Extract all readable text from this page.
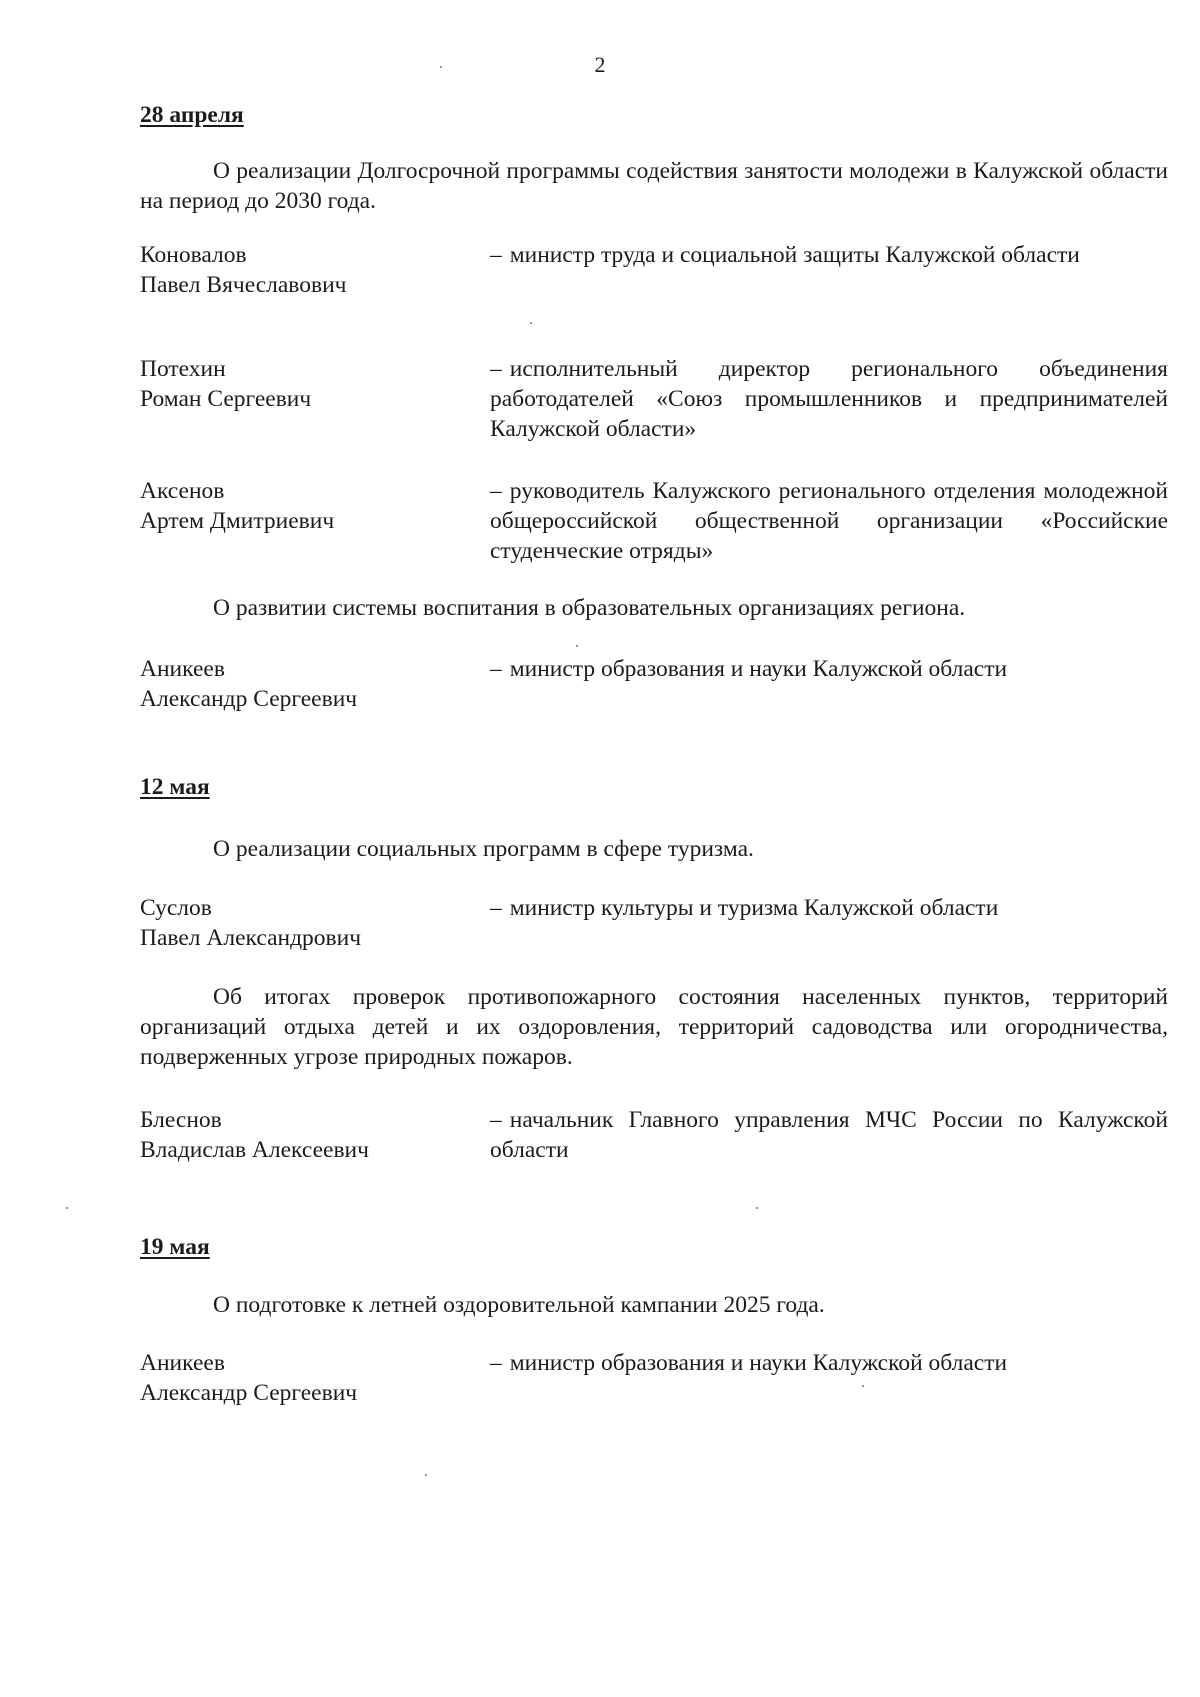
2

28 апреля

О реализации Долгосрочной программы содействия занятости молодежи в Калужской области на период до 2030 года.

Коновалов
Павел Вячеславович
– министр труда и социальной защиты Калужской области
Потехин
Роман Сергеевич
– исполнительный директор регионального объединения работодателей «Союз промышленников и предпринимателей Калужской области»
Аксенов
Артем Дмитриевич
– руководитель Калужского регионального отделения молодежной общероссийской общественной организации «Российские студенческие отряды»

О развитии системы воспитания в образовательных организациях региона.

Аникеев
Александр Сергеевич
– министр образования и науки Калужской области

12 мая

О реализации социальных программ в сфере туризма.

Суслов
Павел Александрович
– министр культуры и туризма Калужской области

Об итогах проверок противопожарного состояния населенных пунктов, территорий организаций отдыха детей и их оздоровления, территорий садоводства или огородничества, подверженных угрозе природных пожаров.

Блеснов
Владислав Алексеевич
– начальник Главного управления МЧС России по Калужской области

19 мая

О подготовке к летней оздоровительной кампании 2025 года.

Аникеев
Александр Сергеевич
– министр образования и науки Калужской области
